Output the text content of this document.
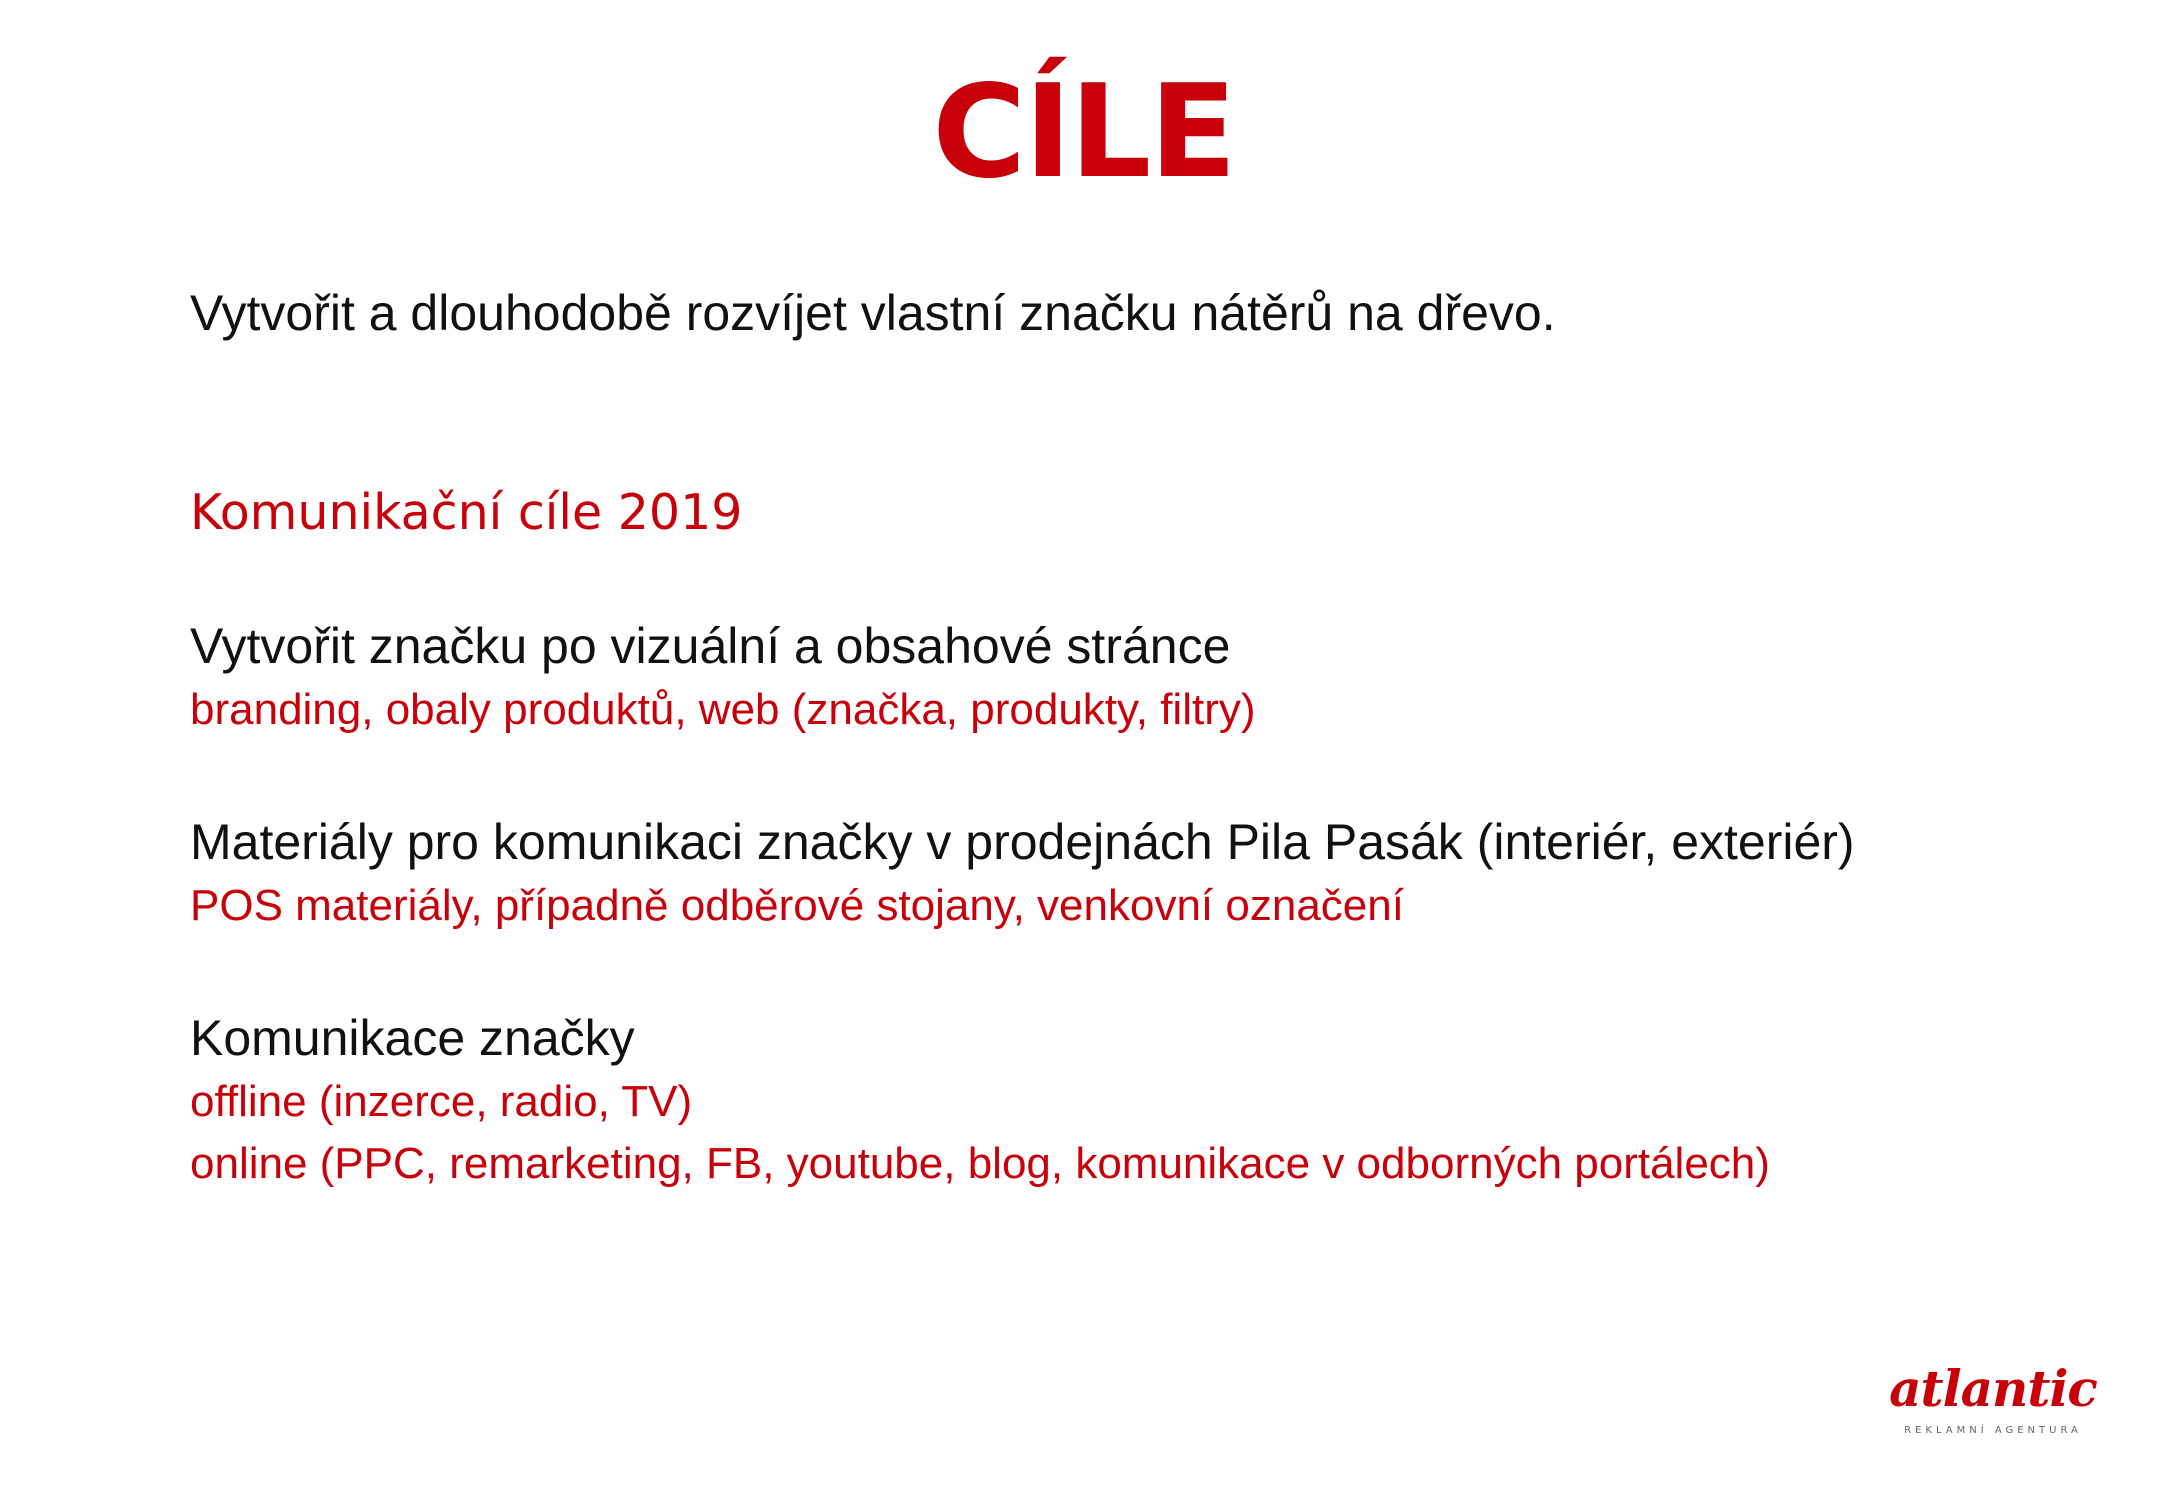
CÍLE
Vytvořit a dlouhodobě rozvíjet vlastní značku nátěrů na dřevo.
Komunikační cíle 2019
Vytvořit značku po vizuální a obsahové stránce
branding, obaly produktů, web (značka, produkty, filtry)
Materiály pro komunikaci značky v prodejnách Pila Pasák (interiér, exteriér)
POS materiály, případně odběrové stojany, venkovní označení
Komunikace značky
offline (inzerce, radio, TV)
online (PPC, remarketing, FB, youtube, blog, komunikace v odborných portálech)
atlantic
REKLAMNÍ AGENTURA
